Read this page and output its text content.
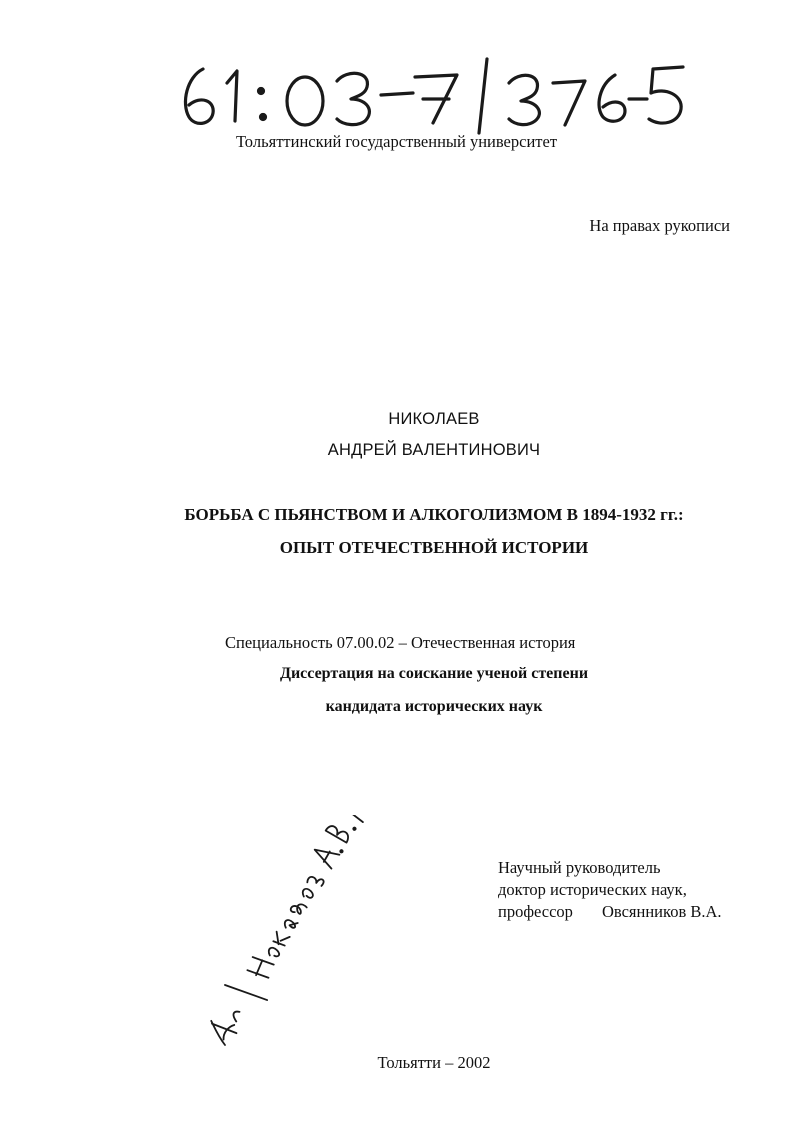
Тольяттинский государственный университет
На правах рукописи
НИКОЛАЕВ
АНДРЕЙ ВАЛЕНТИНОВИЧ
БОРЬБА С ПЬЯНСТВОМ И АЛКОГОЛИЗМОМ В 1894-1932 гг.:
ОПЫТ ОТЕЧЕСТВЕННОЙ ИСТОРИИ
Специальность 07.00.02 – Отечественная история
Диссертация на соискание ученой степени
кандидата исторических наук
Научный руководитель
доктор исторических наук,
профессор Овсянников В.А.
Тольятти – 2002
